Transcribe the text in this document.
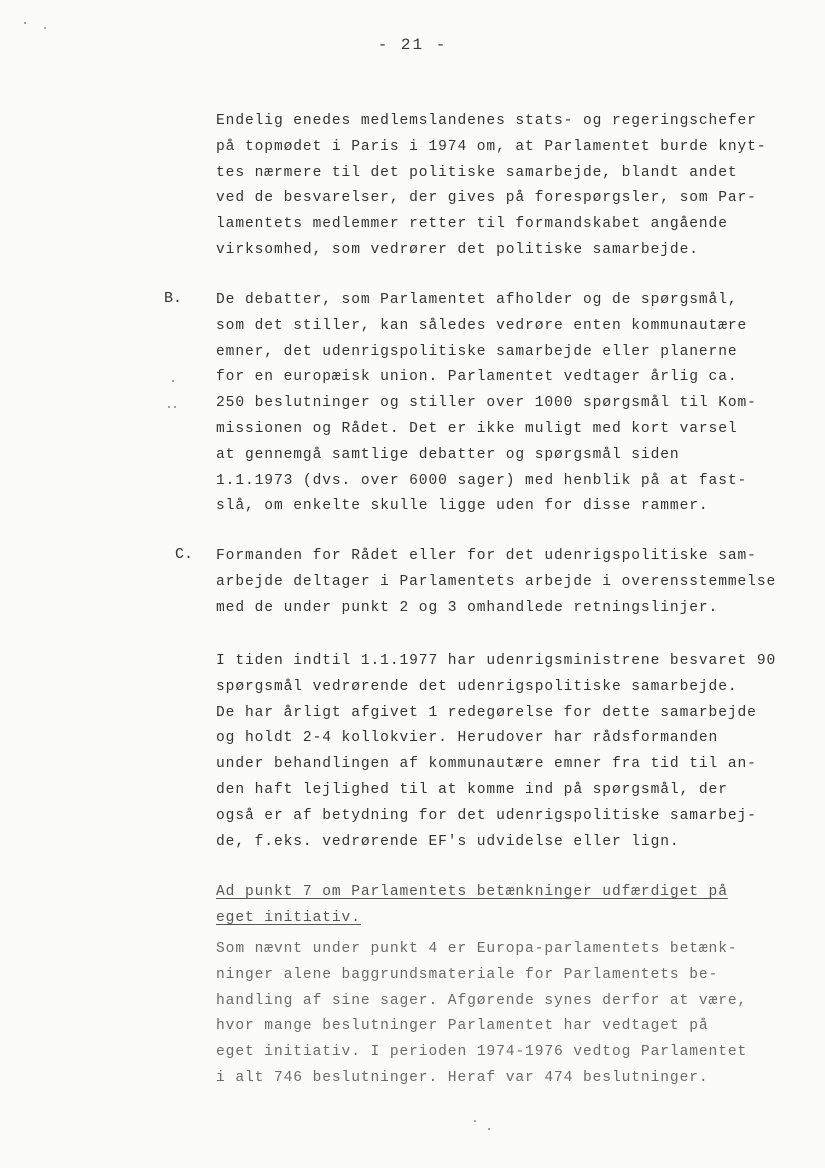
- 21 -
Endelig enedes medlemslandenes stats- og regeringschefer
på topmødet i Paris i 1974 om, at Parlamentet burde knyt-
tes nærmere til det politiske samarbejde, blandt andet
ved de besvarelser, der gives på forespørgsler, som Par-
lamentets medlemmer retter til formandskabet angående
virksomhed, som vedrører det politiske samarbejde.
B. De debatter, som Parlamentet afholder og de spørgsmål,
som det stiller, kan således vedrøre enten kommunautære
emner, det udenrigspolitiske samarbejde eller planerne
for en europæisk union. Parlamentet vedtager årlig ca.
250 beslutninger og stiller over 1000 spørgsmål til Kom-
missionen og Rådet. Det er ikke muligt med kort varsel
at gennemgå samtlige debatter og spørgsmål siden
1.1.1973 (dvs. over 6000 sager) med henblik på at fast-
slå, om enkelte skulle ligge uden for disse rammer.
C. Formanden for Rådet eller for det udenrigspolitiske sam-
arbejde deltager i Parlamentets arbejde i overensstemmelse
med de under punkt 2 og 3 omhandlede retningslinjer.
I tiden indtil 1.1.1977 har udenrigsministrene besvaret 90
spørgsmål vedrørende det udenrigspolitiske samarbejde.
De har årligt afgivet 1 redegørelse for dette samarbejde
og holdt 2-4 kollokvier. Herudover har rådsformanden
under behandlingen af kommunautære emner fra tid til an-
den haft lejlighed til at komme ind på spørgsmål, der
også er af betydning for det udenrigspolitiske samarbej-
de, f.eks. vedrørende EF's udvidelse eller lign.
Ad punkt 7 om Parlamentets betænkninger udfærdiget på
eget initiativ.
Som nævnt under punkt 4 er Europa-parlamentets betænk-
ninger alene baggrundsmateriale for Parlamentets be-
handling af sine sager. Afgørende synes derfor at være,
hvor mange beslutninger Parlamentet har vedtaget på
eget initiativ. I perioden 1974-1976 vedtog Parlamentet
i alt 746 beslutninger. Heraf var 474 beslutninger.
